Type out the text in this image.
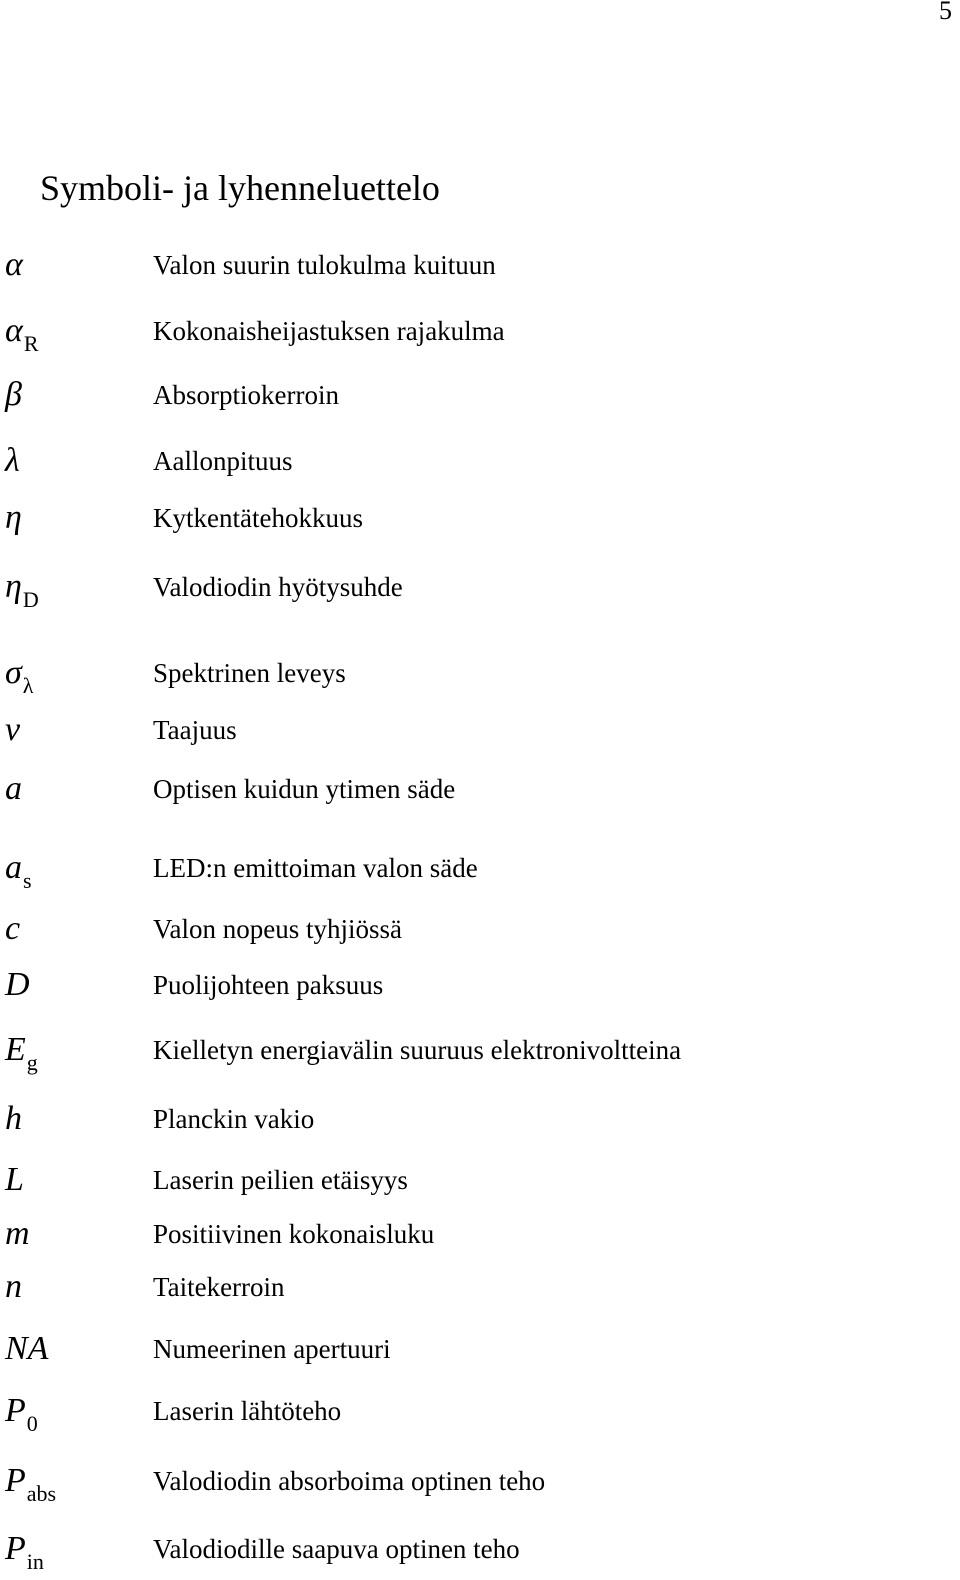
5
Symboli- ja lyhenneluettelo
α	Valon suurin tulokulma kuituun
$\alpha_R$	Kokonaisheijastuksen rajakulma
β	Absorptiokerroin
λ	Aallonpituus
η	Kytkentätehokkuus
$\eta_D$	Valodiodin hyötysuhde
$\sigma_\lambda$	Spektrinen leveys
ν	Taajuus
a	Optisen kuidun ytimen säde
$a_s$	LED:n emittoiman valon säde
c	Valon nopeus tyhjiössä
D	Puolijohteen paksuus
$E_g$	Kielletyn energiavälin suuruus elektronivoltteina
h	Planckin vakio
L	Laserin peilien etäisyys
m	Positiivinen kokonaisluku
n	Taitekerroin
NA	Numeerinen apertuuri
$P_0$	Laserin lähtöteho
$P_{abs}$	Valodiodin absorboima optinen teho
$P_{in}$	Valodiodille saapuva optinen teho
